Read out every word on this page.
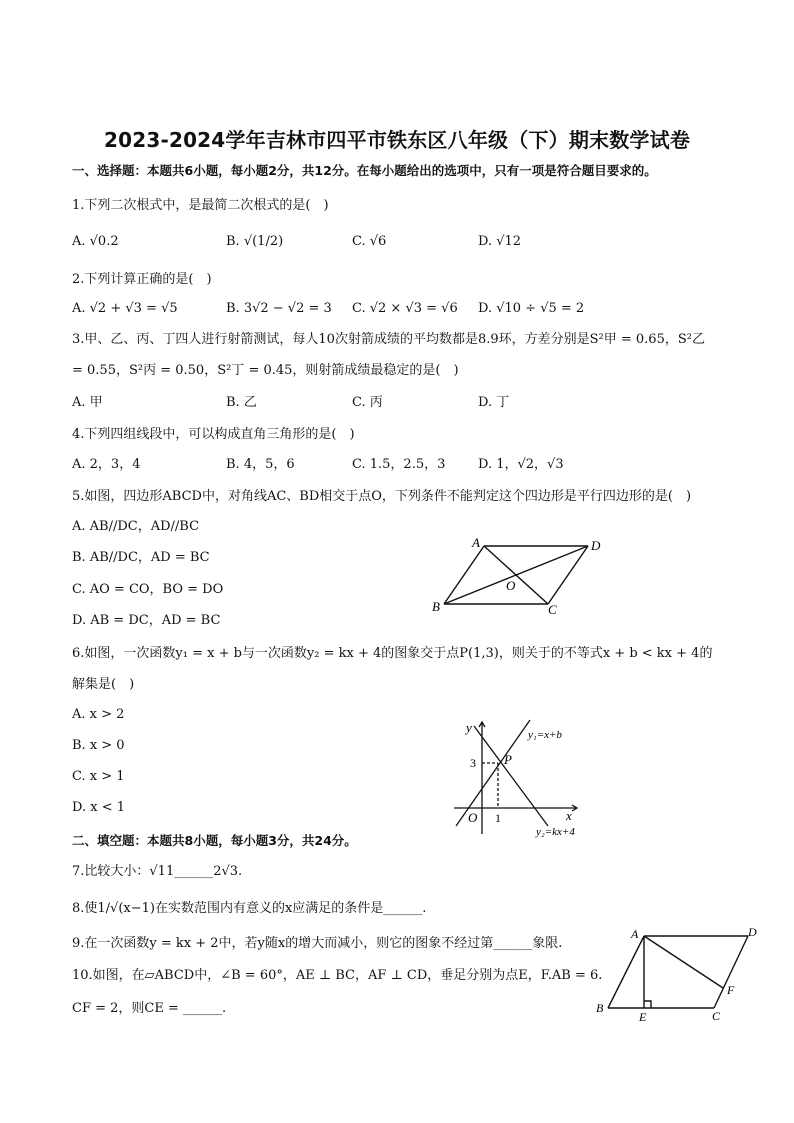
2023-2024学年吉林市四平市铁东区八年级（下）期末数学试卷
一、选择题：本题共6小题，每小题2分，共12分。在每小题给出的选项中，只有一项是符合题目要求的。
1.下列二次根式中，是最简二次根式的是(　)
A. √0.2	B. √(1/2)	C. √6	D. √12
2.下列计算正确的是(　)
A. √2 + √3 = √5	B. 3√2 − √2 = 3 C. √2 × √3 = √6 D. √10 ÷ √5 = 2
3.甲、乙、丙、丁四人进行射箭测试，每人10次射箭成绩的平均数都是8.9环，方差分别是S²甲 = 0.65，S²乙
= 0.55，S²丙 = 0.50，S²丁 = 0.45，则射箭成绩最稳定的是(　)
A. 甲	B. 乙	C. 丙	D. 丁
4.下列四组线段中，可以构成直角三角形的是(　)
A. 2，3，4	B. 4，5，6	C. 1.5，2.5，3	D. 1，√2，√3
5.如图，四边形ABCD中，对角线AC、BD相交于点O，下列条件不能判定这个四边形是平行四边形的是(　)
A. AB//DC，AD//BC
B. AB//DC，AD = BC
C. AO = CO，BO = DO
D. AB = DC，AD = BC
A	D
O
B	C
6.如图，一次函数y₁ = x + b与一次函数y₂ = kx + 4的图象交于点P(1,3)，则关于的不等式x + b < kx + 4的
解集是(　)
A. x > 2
B. x > 0
C. x > 1
D. x < 1
y
x
O
3
1
P
y₁=x+b
y₂=kx+4
二、填空题：本题共8小题，每小题3分，共24分。
7.比较大小：√11______2√3.
8.使1/√(x−1)在实数范围内有意义的x应满足的条件是______.
9.在一次函数y = kx + 2中，若y随x的增大而减小，则它的图象不经过第______象限.
10.如图，在▱ABCD中，∠B = 60°，AE ⊥ BC，AF ⊥ CD，垂足分别为点E，F.AB = 6.
CF = 2，则CE = ______.
A	D
F
B
E	C
